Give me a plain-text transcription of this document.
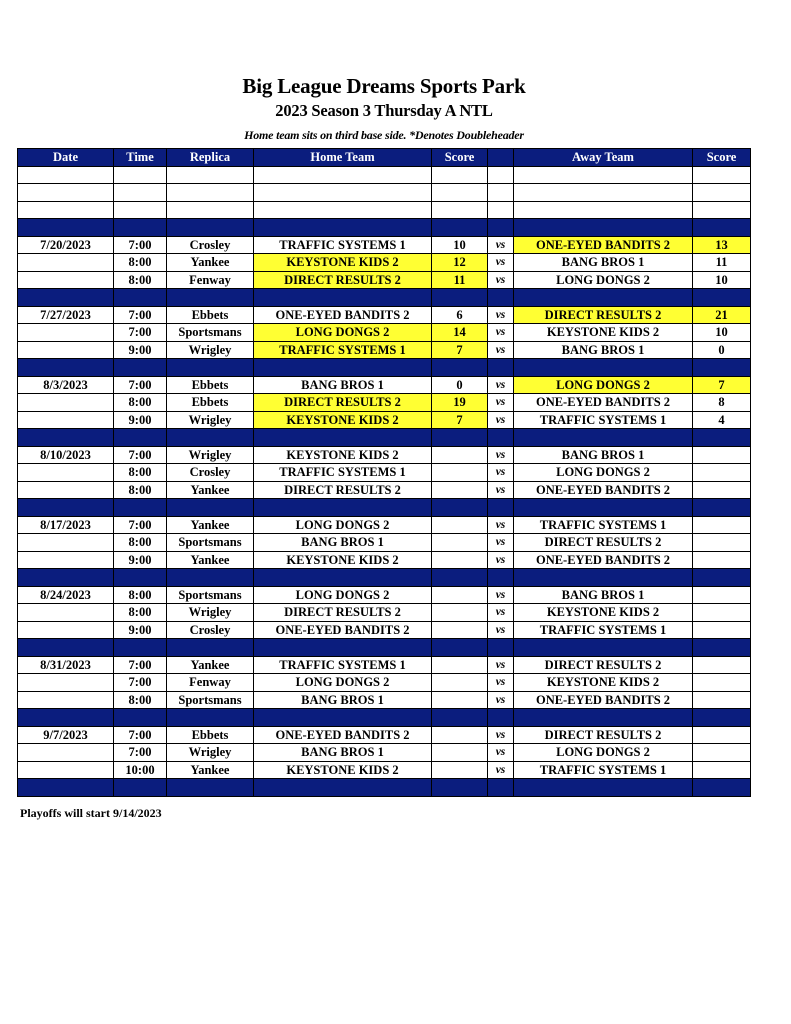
Big League Dreams Sports Park
2023 Season 3 Thursday A NTL
Home team sits on third base side. *Denotes Doubleheader
Date	Time	Replica	Home Team	Score		Away Team	Score

7/20/2023	7:00	Crosley	TRAFFIC SYSTEMS 1	10	vs	ONE-EYED BANDITS 2	13
	8:00	Yankee	KEYSTONE KIDS 2	12	vs	BANG BROS 1	11
	8:00	Fenway	DIRECT RESULTS 2	11	vs	LONG DONGS 2	10

7/27/2023	7:00	Ebbets	ONE-EYED BANDITS 2	6	vs	DIRECT RESULTS 2	21
	7:00	Sportsmans	LONG DONGS 2	14	vs	KEYSTONE KIDS 2	10
	9:00	Wrigley	TRAFFIC SYSTEMS 1	7	vs	BANG BROS 1	0

8/3/2023	7:00	Ebbets	BANG BROS 1	0	vs	LONG DONGS 2	7
	8:00	Ebbets	DIRECT RESULTS 2	19	vs	ONE-EYED BANDITS 2	8
	9:00	Wrigley	KEYSTONE KIDS 2	7	vs	TRAFFIC SYSTEMS 1	4

8/10/2023	7:00	Wrigley	KEYSTONE KIDS 2		vs	BANG BROS 1	
	8:00	Crosley	TRAFFIC SYSTEMS 1		vs	LONG DONGS 2	
	8:00	Yankee	DIRECT RESULTS 2		vs	ONE-EYED BANDITS 2	

8/17/2023	7:00	Yankee	LONG DONGS 2		vs	TRAFFIC SYSTEMS 1	
	8:00	Sportsmans	BANG BROS 1		vs	DIRECT RESULTS 2	
	9:00	Yankee	KEYSTONE KIDS 2		vs	ONE-EYED BANDITS 2	

8/24/2023	8:00	Sportsmans	LONG DONGS 2		vs	BANG BROS 1	
	8:00	Wrigley	DIRECT RESULTS 2		vs	KEYSTONE KIDS 2	
	9:00	Crosley	ONE-EYED BANDITS 2		vs	TRAFFIC SYSTEMS 1	

8/31/2023	7:00	Yankee	TRAFFIC SYSTEMS 1		vs	DIRECT RESULTS 2	
	7:00	Fenway	LONG DONGS 2		vs	KEYSTONE KIDS 2	
	8:00	Sportsmans	BANG BROS 1		vs	ONE-EYED BANDITS 2	

9/7/2023	7:00	Ebbets	ONE-EYED BANDITS 2		vs	DIRECT RESULTS 2	
	7:00	Wrigley	BANG BROS 1		vs	LONG DONGS 2	
	10:00	Yankee	KEYSTONE KIDS 2		vs	TRAFFIC SYSTEMS 1	

Playoffs will start 9/14/2023
